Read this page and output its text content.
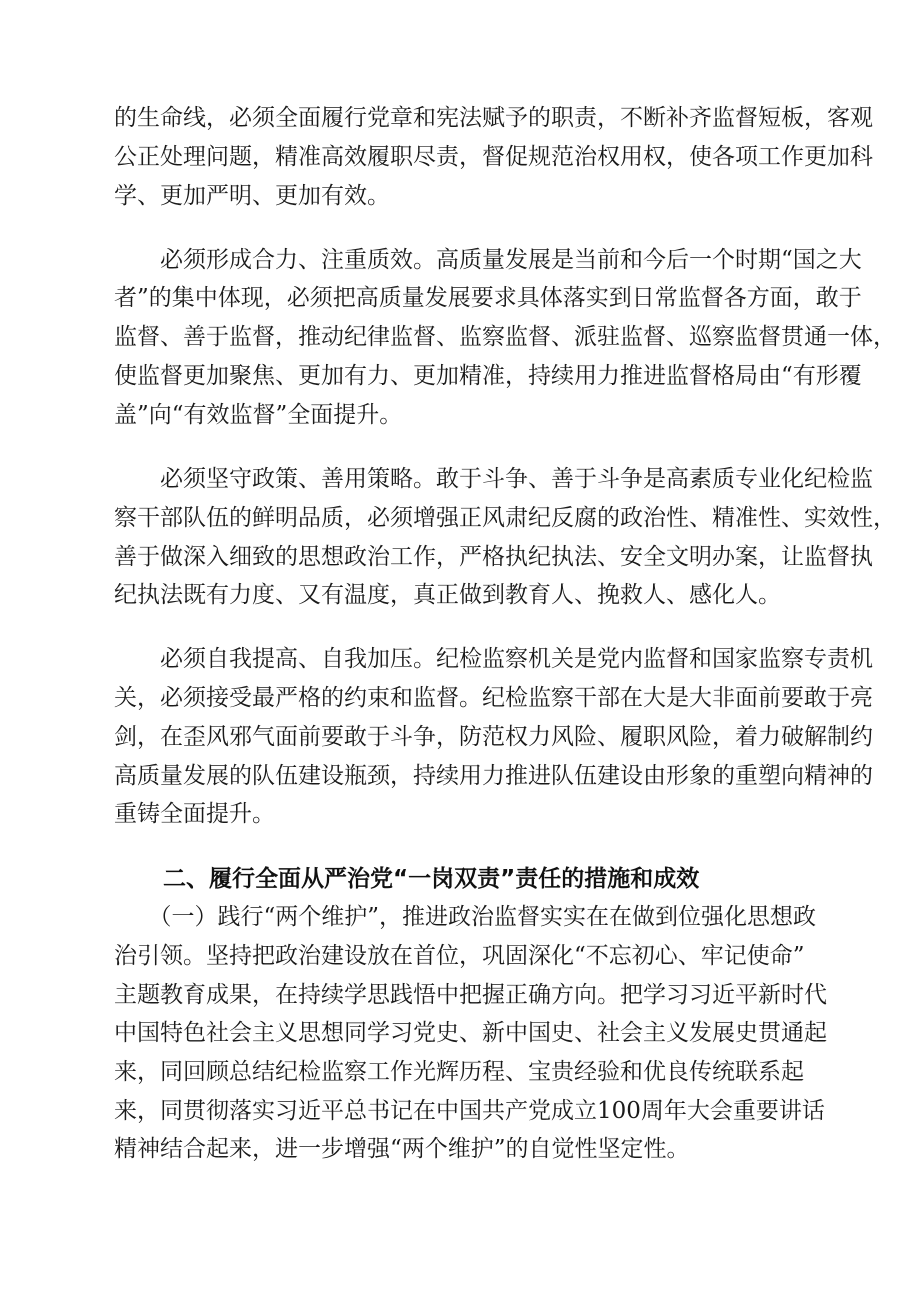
的生命线，必须全面履行党章和宪法赋予的职责，不断补齐监督短板，客观
公正处理问题，精准高效履职尽责，督促规范治权用权，使各项工作更加科
学、更加严明、更加有效。
　　必须形成合力、注重质效。高质量发展是当前和今后一个时期“国之大
者”的集中体现，必须把高质量发展要求具体落实到日常监督各方面，敢于
监督、善于监督，推动纪律监督、监察监督、派驻监督、巡察监督贯通一体，
使监督更加聚焦、更加有力、更加精准，持续用力推进监督格局由“有形覆
盖”向“有效监督”全面提升。
　　必须坚守政策、善用策略。敢于斗争、善于斗争是高素质专业化纪检监
察干部队伍的鲜明品质，必须增强正风肃纪反腐的政治性、精准性、实效性，
善于做深入细致的思想政治工作，严格执纪执法、安全文明办案，让监督执
纪执法既有力度、又有温度，真正做到教育人、挽救人、感化人。
　　必须自我提高、自我加压。纪检监察机关是党内监督和国家监察专责机
关，必须接受最严格的约束和监督。纪检监察干部在大是大非面前要敢于亮
剑，在歪风邪气面前要敢于斗争，防范权力风险、履职风险，着力破解制约
高质量发展的队伍建设瓶颈，持续用力推进队伍建设由形象的重塑向精神的
重铸全面提升。
二、履行全面从严治党“一岗双责”责任的措施和成效
　　（一）践行“两个维护”，推进政治监督实实在在做到位强化思想政
治引领。坚持把政治建设放在首位，巩固深化“不忘初心、牢记使命”
主题教育成果，在持续学思践悟中把握正确方向。把学习习近平新时代
中国特色社会主义思想同学习党史、新中国史、社会主义发展史贯通起
来，同回顾总结纪检监察工作光辉历程、宝贵经验和优良传统联系起
来，同贯彻落实习近平总书记在中国共产党成立100周年大会重要讲话
精神结合起来，进一步增强“两个维护”的自觉性坚定性。
